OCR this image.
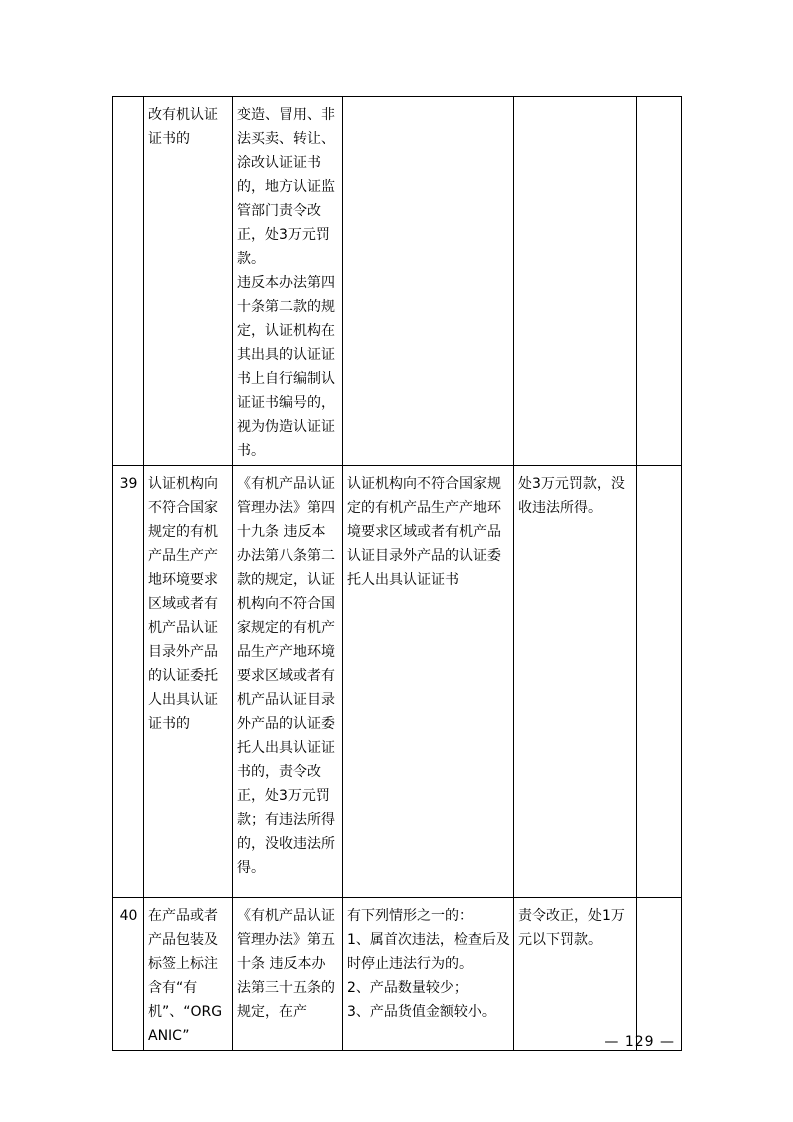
	改有机认证证书的	变造、冒用、非法买卖、转让、涂改认证证书的，地方认证监管部门责令改正，处3万元罚款。
违反本办法第四十条第二款的规定，认证机构在其出具的认证证书上自行编制认证证书编号的，视为伪造认证证书。			

39	认证机构向不符合国家规定的有机产品生产产地环境要求区域或者有机产品认证目录外产品的认证委托人出具认证证书的	《有机产品认证管理办法》第四十九条 违反本办法第八条第二款的规定，认证机构向不符合国家规定的有机产品生产产地环境要求区域或者有机产品认证目录外产品的认证委托人出具认证证书的，责令改正，处3万元罚款；有违法所得的，没收违法所得。	认证机构向不符合国家规定的有机产品生产产地环境要求区域或者有机产品认证目录外产品的认证委托人出具认证证书	处3万元罚款，没收违法所得。	
40	在产品或者产品包装及标签上标注含有“有机”、“ORGANIC”	《有机产品认证管理办法》第五十条 违反本办法第三十五条的规定，在产	有下列情形之一的：
1、属首次违法，检查后及时停止违法行为的。
2、产品数量较少；
3、产品货值金额较小。	责令改正，处1万元以下罚款。	
— 129 —
